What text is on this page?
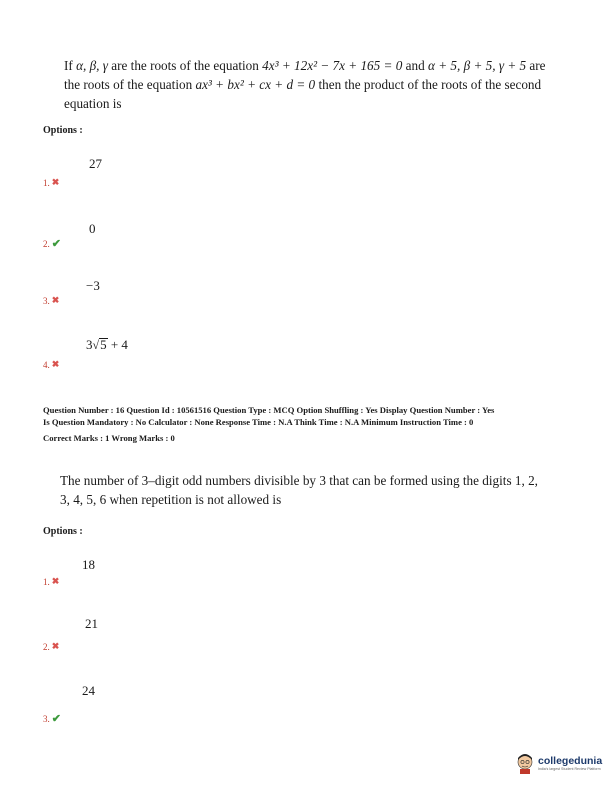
If α, β, γ are the roots of the equation 4x³ + 12x² − 7x + 165 = 0 and α + 5, β + 5, γ + 5 are the roots of the equation ax³ + bx² + cx + d = 0 then the product of the roots of the second equation is
Options :
27
1. ✖
0
2. ✔
−3
3. ✖
3√5 + 4
4. ✖
Question Number : 16 Question Id : 10561516 Question Type : MCQ Option Shuffling : Yes Display Question Number : Yes
Is Question Mandatory : No Calculator : None Response Time : N.A Think Time : N.A Minimum Instruction Time : 0
Correct Marks : 1 Wrong Marks : 0
The number of 3–digit odd numbers divisible by 3 that can be formed using the digits 1, 2, 3, 4, 5, 6 when repetition is not allowed is
Options :
18
1. ✖
21
2. ✖
24
3. ✔
collegedunia
India's largest Student Review Platform
